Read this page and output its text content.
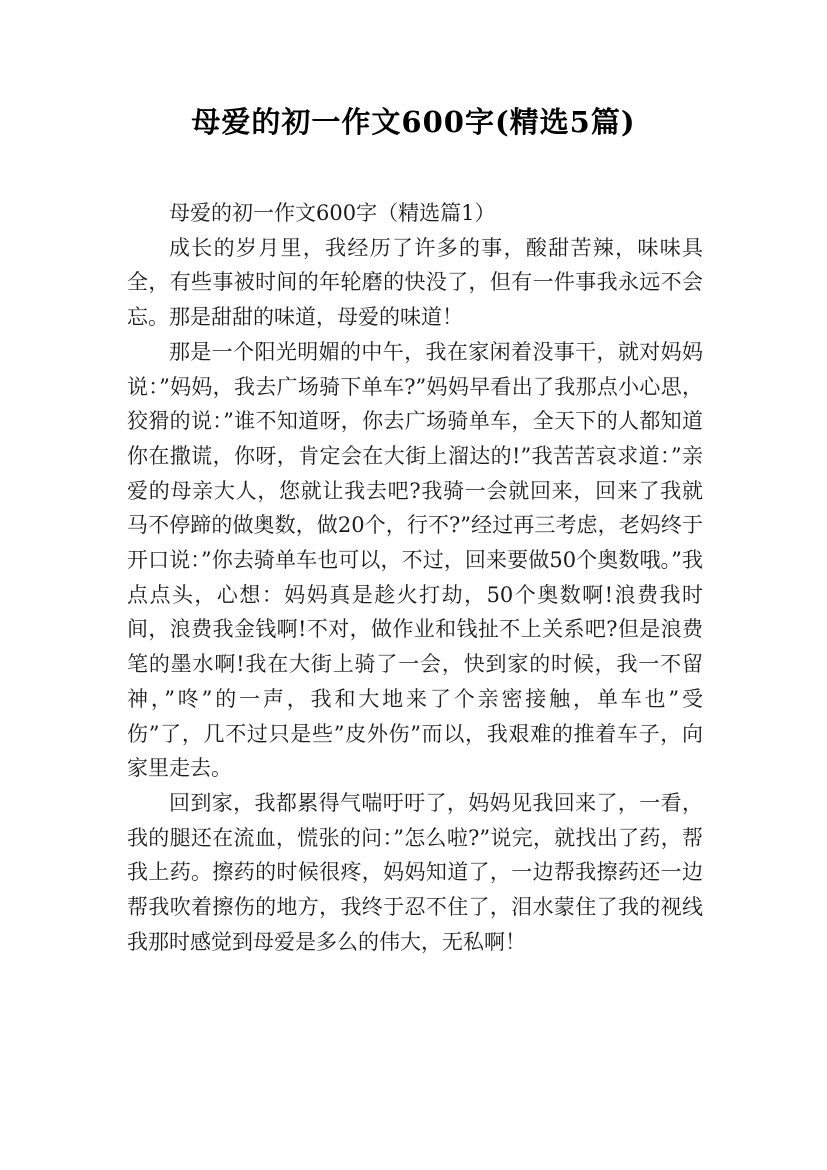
母爱的初一作文600字(精选5篇)

母爱的初一作文600字（精选篇1）

成长的岁月里，我经历了许多的事，酸甜苦辣，味味具全，有些事被时间的年轮磨的快没了，但有一件事我永远不会忘。那是甜甜的味道，母爱的味道！

那是一个阳光明媚的中午，我在家闲着没事干，就对妈妈说：”妈妈，我去广场骑下单车?”妈妈早看出了我那点小心思，狡猾的说：”谁不知道呀，你去广场骑单车，全天下的人都知道你在撒谎，你呀，肯定会在大街上溜达的!”我苦苦哀求道：”亲爱的母亲大人，您就让我去吧?我骑一会就回来，回来了我就马不停蹄的做奥数，做20个，行不?”经过再三考虑，老妈终于开口说：”你去骑单车也可以，不过，回来要做50个奥数哦。”我点点头，心想：妈妈真是趁火打劫，50个奥数啊!浪费我时间，浪费我金钱啊!不对，做作业和钱扯不上关系吧?但是浪费笔的墨水啊!我在大街上骑了一会，快到家的时候，我一不留神，”咚”的一声，我和大地来了个亲密接触，单车也”受伤”了，几不过只是些”皮外伤”而以，我艰难的推着车子，向家里走去。

回到家，我都累得气喘吁吁了，妈妈见我回来了，一看，我的腿还在流血，慌张的问：”怎么啦?”说完，就找出了药，帮我上药。擦药的时候很疼，妈妈知道了，一边帮我擦药还一边帮我吹着擦伤的地方，我终于忍不住了，泪水蒙住了我的视线我那时感觉到母爱是多么的伟大，无私啊！
